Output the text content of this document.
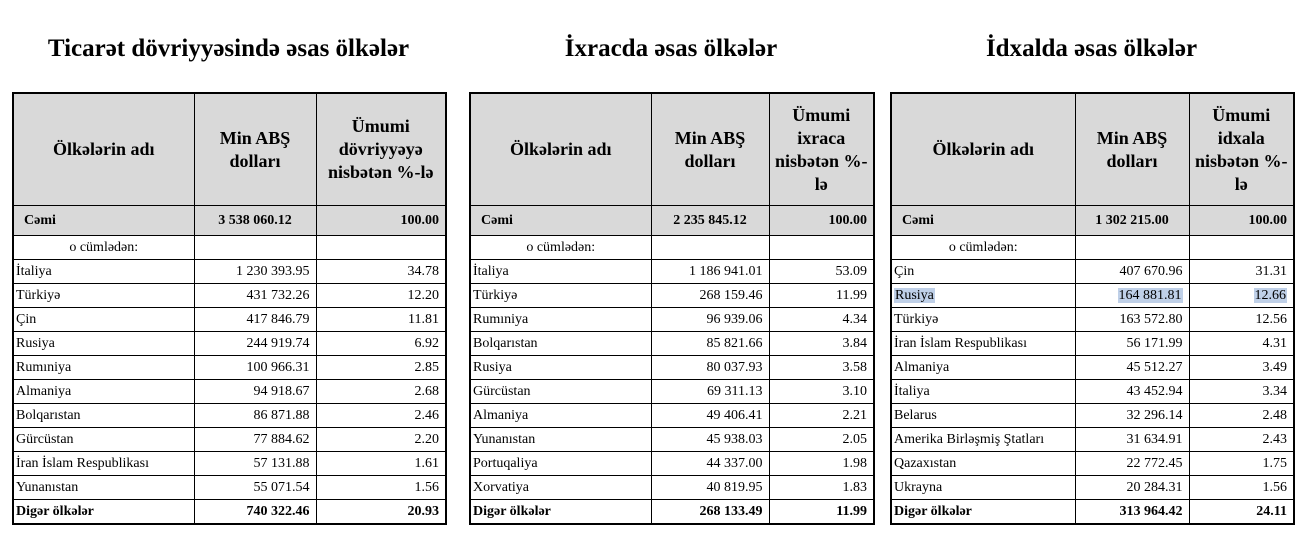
Ticarət dövriyyəsində əsas ölkələr
Ölkələrin adı	Min ABŞ dolları	Ümumi dövriyyəyə nisbətən %-lə
Cəmi	3 538 060.12	100.00
o cümlədən:		
İtaliya	1 230 393.95	34.78
Türkiyə	431 732.26	12.20
Çin	417 846.79	11.81
Rusiya	244 919.74	6.92
Rumıniya	100 966.31	2.85
Almaniya	94 918.67	2.68
Bolqarıstan	86 871.88	2.46
Gürcüstan	77 884.62	2.20
İran İslam Respublikası	57 131.88	1.61
Yunanıstan	55 071.54	1.56
Digər ölkələr	740 322.46	20.93
İxracda əsas ölkələr
Ölkələrin adı	Min ABŞ dolları	Ümumi ixraca nisbətən %-lə
Cəmi	2 235 845.12	100.00
o cümlədən:		
İtaliya	1 186 941.01	53.09
Türkiyə	268 159.46	11.99
Rumıniya	96 939.06	4.34
Bolqarıstan	85 821.66	3.84
Rusiya	80 037.93	3.58
Gürcüstan	69 311.13	3.10
Almaniya	49 406.41	2.21
Yunanıstan	45 938.03	2.05
Portuqaliya	44 337.00	1.98
Xorvatiya	40 819.95	1.83
Digər ölkələr	268 133.49	11.99
İdxalda əsas ölkələr
Ölkələrin adı	Min ABŞ dolları	Ümumi idxala nisbətən %-lə
Cəmi	1 302 215.00	100.00
o cümlədən:		
Çin	407 670.96	31.31
Rusiya	164 881.81	12.66
Türkiyə	163 572.80	12.56
İran İslam Respublikası	56 171.99	4.31
Almaniya	45 512.27	3.49
İtaliya	43 452.94	3.34
Belarus	32 296.14	2.48
Amerika Birləşmiş Ştatları	31 634.91	2.43
Qazaxıstan	22 772.45	1.75
Ukrayna	20 284.31	1.56
Digər ölkələr	313 964.42	24.11
